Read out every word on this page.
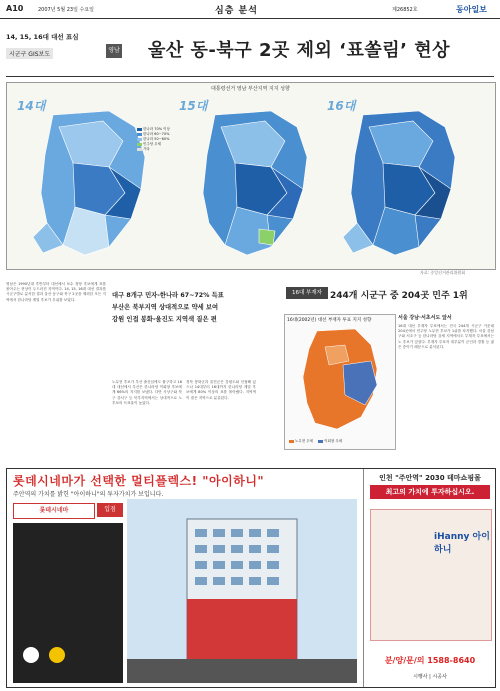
A10	2007년 5월 23일 수요일	심층 분석	제26852호	동아일보
14, 15, 16대 대선 표심
시군구 GIS보도
영남 울산 동-북구 2곳 제외 ‘표쏠림’ 현상
대통령선거 영남 부산지역 지지 성향
14대	15대	16대
한나라 70% 이상
한나라 60~70%
한나라 50~60%
민주당 우세
기타
자료: 중앙선거관리위원회
영남은 1990년대 후반부터 대선에서 보수 정당 후보에게 표를 몰아주는 현상이 두드러진 지역이다. 14, 15, 16대 대선 결과를 시군구별로 분석한 결과 울산 동구와 북구 2곳을 제외한 모든 지역에서 한나라당 계열 후보가 우위를 보였다.
대구 8개구 민자-한나라 67~72% 득표
부산은 북부지역 상대적으로 약세 보여
강원 인접 봉화-울진도 지역색 짙은 편
노무현 후보가 부산 출신임에도 불구하고 16대 대선에서 부산은 한나라당 이회창 후보에게 66%의 지지를 보냈다. 다만 사상구와 북구 강서구 등 북부지역에서는 상대적으로 노 후보의 득표율이 높았다.
경북 봉화군과 울진군은 강원도와 인접해 있으나 14대부터 16대까지 한나라당 계열 후보에게 80% 이상의 표를 몰아줬다. 지역색이 짙은 지역으로 분류된다.
16대 부재자 244개 시군구 중 204곳 민주 1위
16대(2002년) 대선 부재자 투표 지지 성향
노무현 우세	이회창 우세
서울 강남·서초서도 앞서
16대 대선 부재자 투표에서는 전국 244개 시군구 가운데 204곳에서 민주당 노무현 후보가 1위를 차지했다. 서울 강남구와 서초구 등 한나라당 강세 지역에서도 부재자 투표에서는 노 후보가 앞섰다. 부재자 투표자 대부분이 군인과 경찰 등 젊은 층이기 때문으로 분석된다.
롯데시네마가 선택한 멀티플렉스! "아이하니"
주안역의 가치를 밝힌 "아이하니"의 투자가치가 보입니다.
롯데시네마	입점
인천 "주안역" 2030 테마쇼핑몰
최고의 가치에 투자하십시오.
iHanny 아이하니
분/양/문/의 1588-8640
시행사 | 시공사
